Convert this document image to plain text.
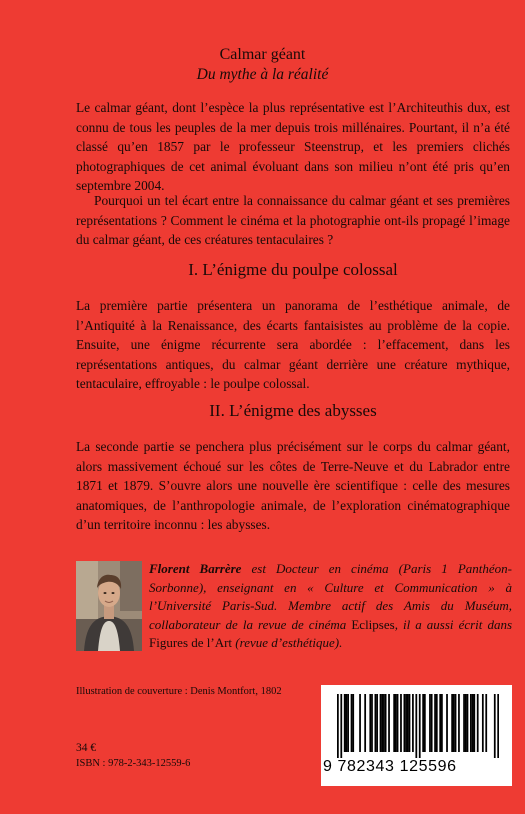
Calmar géant
Du mythe à la réalité
Le calmar géant, dont l’espèce la plus représentative est l’Architeuthis dux, est connu de tous les peuples de la mer depuis trois millénaires. Pourtant, il n’a été classé qu’en 1857 par le professeur Steenstrup, et les premiers clichés photographiques de cet animal évoluant dans son milieu n’ont été pris qu’en septembre 2004.
Pourquoi un tel écart entre la connaissance du calmar géant et ses premières représentations ? Comment le cinéma et la photographie ont-ils propagé l’image du calmar géant, de ces créatures tentaculaires ?
I. L’énigme du poulpe colossal
La première partie présentera un panorama de l’esthétique animale, de l’Antiquité à la Renaissance, des écarts fantaisistes au problème de la copie. Ensuite, une énigme récurrente sera abordée : l’effacement, dans les représentations antiques, du calmar géant derrière une créature mythique, tentaculaire, effroyable : le poulpe colossal.
II. L’énigme des abysses
La seconde partie se penchera plus précisément sur le corps du calmar géant, alors massivement échoué sur les côtes de Terre-Neuve et du Labrador entre 1871 et 1879. S’ouvre alors une nouvelle ère scientifique : celle des mesures anatomiques, de l’anthropologie animale, de l’exploration cinématographique d’un territoire inconnu : les abysses.
Florent Barrère est Docteur en cinéma (Paris 1 Panthéon-Sorbonne), enseignant en « Culture et Communication » à l’Université Paris-Sud. Membre actif des Amis du Muséum, collaborateur de la revue de cinéma Eclipses, il a aussi écrit dans Figures de l’Art (revue d’esthétique).
Illustration de couverture : Denis Montfort, 1802
34 €
ISBN : 978-2-343-12559-6	9 782343 125596
